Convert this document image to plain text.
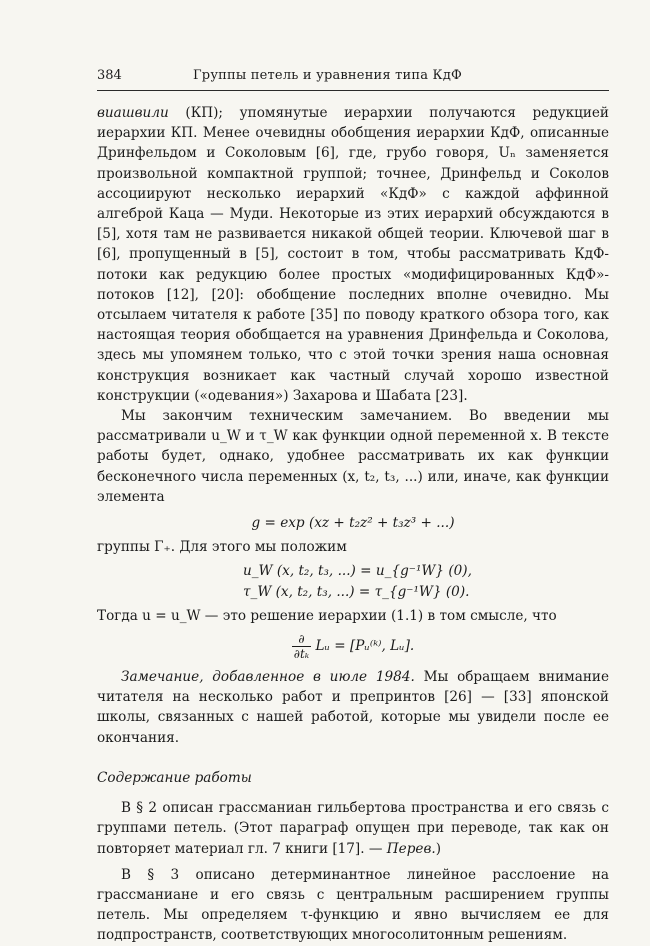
384	Группы петель и уравнения типа КдФ

виашвили (КП); упомянутые иерархии получаются редукцией иерархии КП. Менее очевидны обобщения иерархии КдФ, описанные Дринфельдом и Соколовым [6], где, грубо говоря, Uₙ заменяется произвольной компактной группой; точнее, Дринфельд и Соколов ассоциируют несколько иерархий «КдФ» с каждой аффинной алгеброй Каца — Муди. Некоторые из этих иерархий обсуждаются в [5], хотя там не развивается никакой общей теории. Ключевой шаг в [6], пропущенный в [5], состоит в том, чтобы рассматривать КдФ-потоки как редукцию более простых «модифицированных КдФ»-потоков [12], [20]: обобщение последних вполне очевидно. Мы отсылаем читателя к работе [35] по поводу краткого обзора того, как настоящая теория обобщается на уравнения Дринфельда и Соколова, здесь мы упомянем только, что с этой точки зрения наша основная конструкция возникает как частный случай хорошо известной конструкции («одевания») Захарова и Шабата [23].

Мы закончим техническим замечанием. Во введении мы рассматривали u_W и τ_W как функции одной переменной x. В тексте работы будет, однако, удобнее рассматривать их как функции бесконечного числа переменных (x, t₂, t₃, ...) или, иначе, как функции элемента

g = exp (xz + t₂z² + t₃z³ + ...)

группы Γ₊. Для этого мы положим

u_W (x, t₂, t₃, ...) = u_{g⁻¹W} (0),
τ_W (x, t₂, t₃, ...) = τ_{g⁻¹W} (0).

Тогда u = u_W — это решение иерархии (1.1) в том смысле, что

$\frac{\partial}{\text{∂tₖ}}$ Lᵤ = [Pᵤ⁽ᵏ⁾, Lᵤ].

Замечание, добавленное в июле 1984. Мы обращаем внимание читателя на несколько работ и препринтов [26] — [33] японской школы, связанных с нашей работой, которые мы увидели после ее окончания.

Содержание работы

В § 2 описан грассманиан гильбертова пространства и его связь с группами петель. (Этот параграф опущен при переводе, так как он повторяет материал гл. 7 книги [17]. — Перев.)

В § 3 описано детерминантное линейное расслоение на грассманиане и его связь с центральным расширением группы петель. Мы определяем τ-функцию и явно вычисляем ее для подпространств, соответствующих многосолитонным решениям.
